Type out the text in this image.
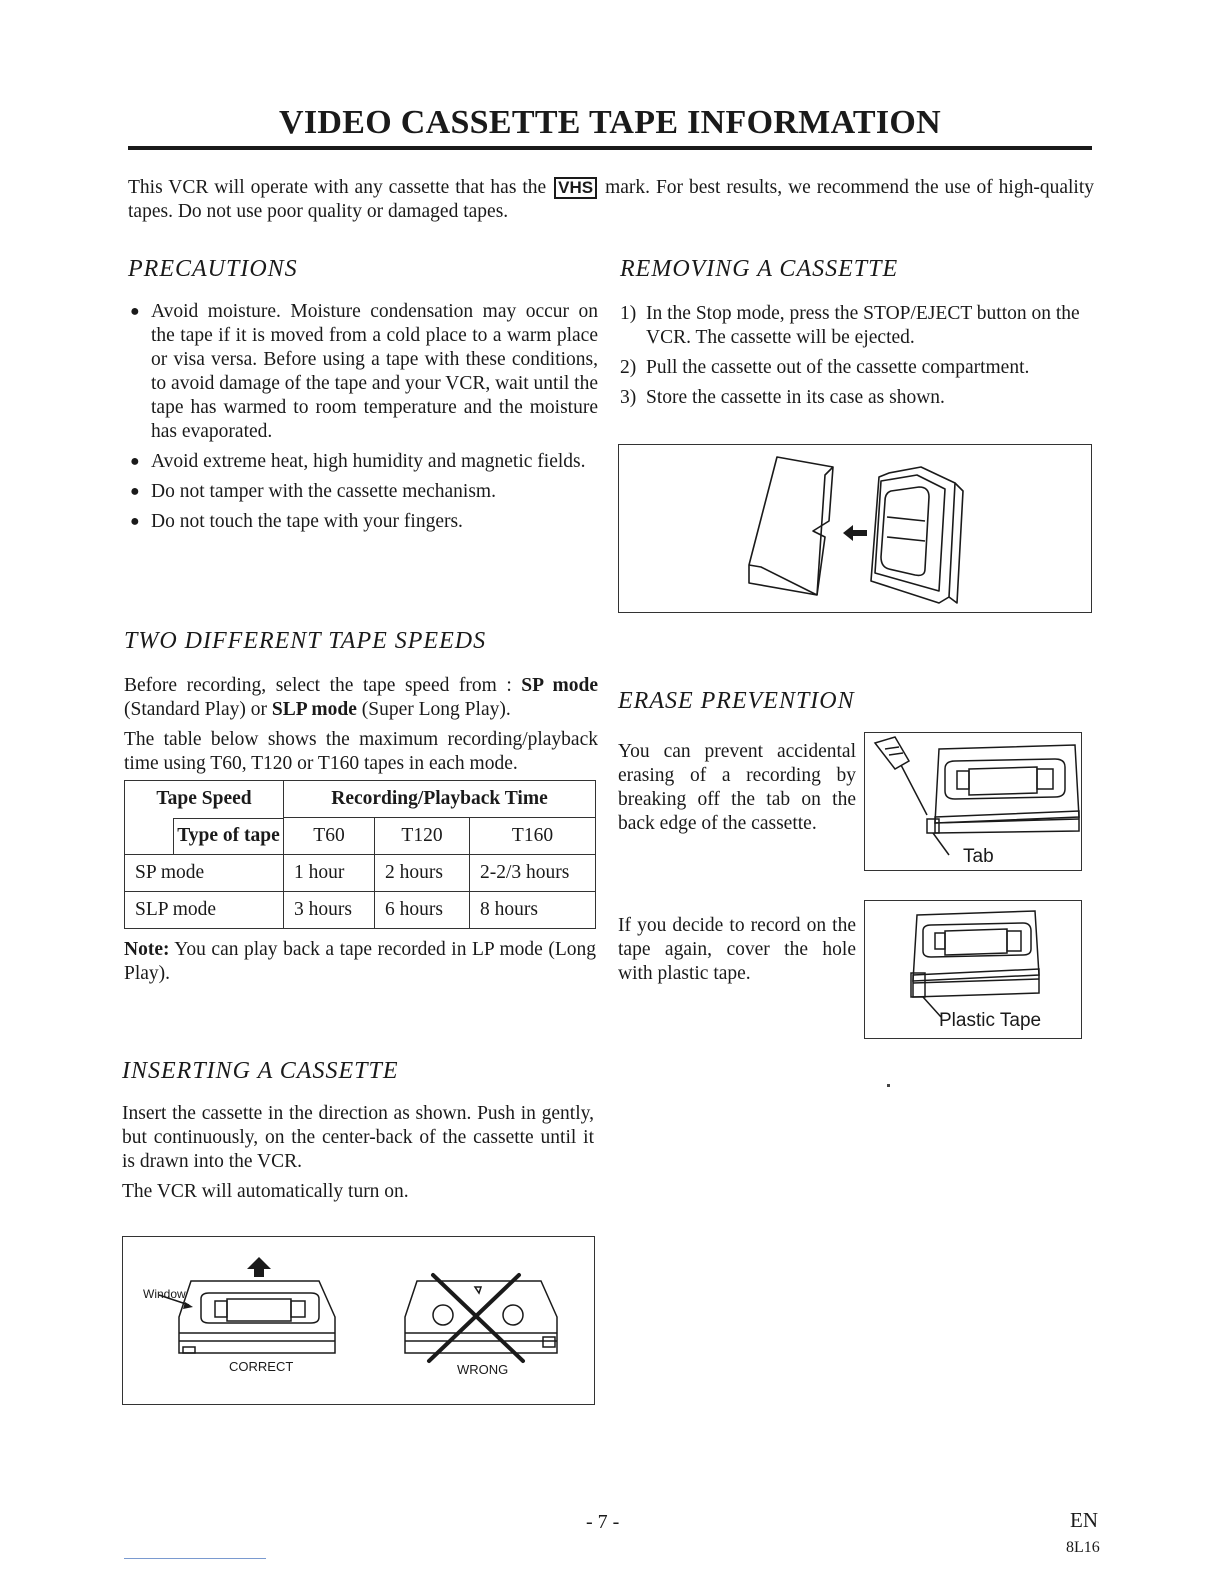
VIDEO CASSETTE TAPE INFORMATION
This VCR will operate with any cassette that has the VHS mark. For best results, we recommend the use of high-quality tapes. Do not use poor quality or damaged tapes.
PRECAUTIONS
● Avoid moisture. Moisture condensation may occur on the tape if it is moved from a cold place to a warm place or visa versa. Before using a tape with these conditions, to avoid damage of the tape and your VCR, wait until the tape has warmed to room temperature and the moisture has evaporated.
● Avoid extreme heat, high humidity and magnetic fields.
● Do not tamper with the cassette mechanism.
● Do not touch the tape with your fingers.
REMOVING A CASSETTE
1) In the Stop mode, press the STOP/EJECT button on the VCR. The cassette will be ejected.
2) Pull the cassette out of the cassette compartment.
3) Store the cassette in its case as shown.
TWO DIFFERENT TAPE SPEEDS

Before recording, select the tape speed from : SP mode (Standard Play) or SLP mode (Super Long Play).

The table below shows the maximum recording/playback time using T60, T120 or T160 tapes in each mode.

Tape Speed	Recording/Playback Time		

Type of tape	T60	T120	T160
SP mode	1 hour	2 hours	2-2/3 hours
SLP mode	3 hours	6 hours	8 hours
Note: You can play back a tape recorded in LP mode (Long Play).
ERASE PREVENTION
You can prevent accidental erasing of a recording by breaking off the tab on the back edge of the cassette.
If you decide to record on the tape again, cover the hole with plastic tape.
Tab
Plastic Tape
INSERTING A CASSETTE

Insert the cassette in the direction as shown. Push in gently, but continuously, on the center-back of the cassette until it is drawn into the VCR.

The VCR will automatically turn on.

Window
CORRECT	WRONG
- 7 -	EN
8L16
